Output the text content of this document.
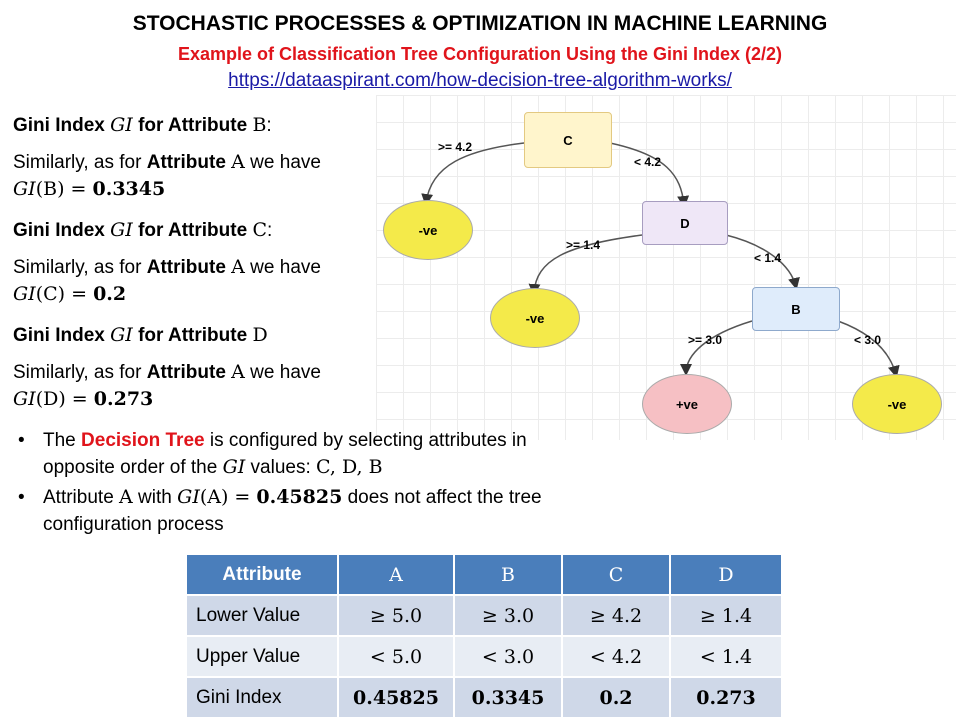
STOCHASTIC PROCESSES & OPTIMIZATION IN MACHINE LEARNING
Example of Classification Tree Configuration Using the Gini Index (2/2)
https://dataaspirant.com/how-decision-tree-algorithm-works/

Gini Index GI for Attribute B:

Similarly, as for Attribute A we have

GI(B) = 0.3345

Gini Index GI for Attribute C:

Similarly, as for Attribute A we have

GI(C) = 0.2

Gini Index GI for Attribute D

Similarly, as for Attribute A we have

GI(D) = 0.273

C
D
B
-ve
-ve
+ve	-ve
>= 4.2
< 4.2
>= 1.4
< 1.4
>= 3.0	< 3.0
• The Decision Tree is configured by selecting attributes in opposite order of the GI values: C, D, B
• Attribute A with GI(A) = 0.45825 does not affect the tree configuration process
Attribute	A	B	C	D
Lower Value	≥ 5.0	≥ 3.0	≥ 4.2	≥ 1.4
Upper Value	< 5.0	< 3.0	< 4.2	< 1.4
Gini Index	0.45825	0.3345	0.2	0.273
